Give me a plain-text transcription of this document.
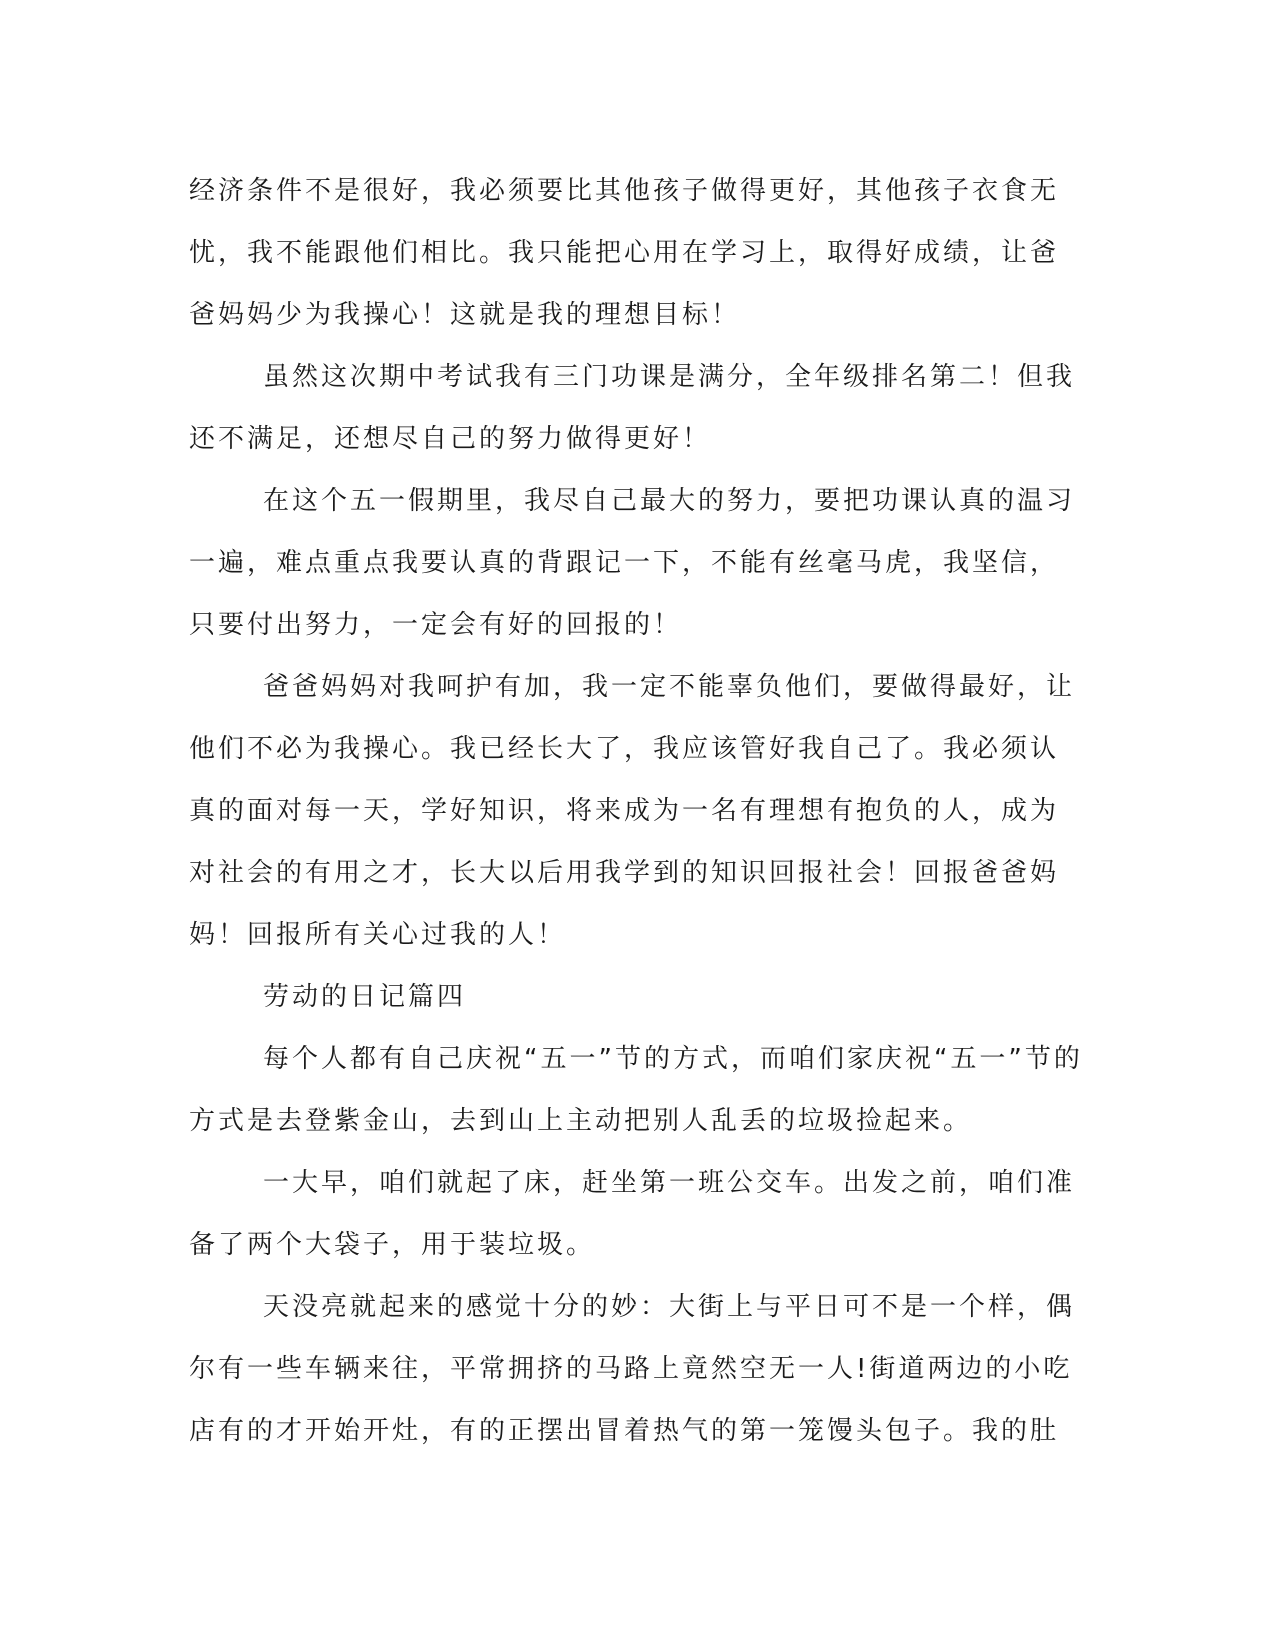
经济条件不是很好，我必须要比其他孩子做得更好，其他孩子衣食无
忧，我不能跟他们相比。我只能把心用在学习上，取得好成绩，让爸
爸妈妈少为我操心！这就是我的理想目标！
虽然这次期中考试我有三门功课是满分，全年级排名第二！但我
还不满足，还想尽自己的努力做得更好！
在这个五一假期里，我尽自己最大的努力，要把功课认真的温习
一遍，难点重点我要认真的背跟记一下，不能有丝毫马虎，我坚信，
只要付出努力，一定会有好的回报的！
爸爸妈妈对我呵护有加，我一定不能辜负他们，要做得最好，让
他们不必为我操心。我已经长大了，我应该管好我自己了。我必须认
真的面对每一天，学好知识，将来成为一名有理想有抱负的人，成为
对社会的有用之才，长大以后用我学到的知识回报社会！回报爸爸妈
妈！回报所有关心过我的人！
劳动的日记篇四
每个人都有自己庆祝“五一”节的方式，而咱们家庆祝“五一”节的
方式是去登紫金山，去到山上主动把别人乱丢的垃圾捡起来。
一大早，咱们就起了床，赶坐第一班公交车。出发之前，咱们准
备了两个大袋子，用于装垃圾。
天没亮就起来的感觉十分的妙：大街上与平日可不是一个样，偶
尔有一些车辆来往，平常拥挤的马路上竟然空无一人!街道两边的小吃
店有的才开始开灶，有的正摆出冒着热气的第一笼馒头包子。我的肚
